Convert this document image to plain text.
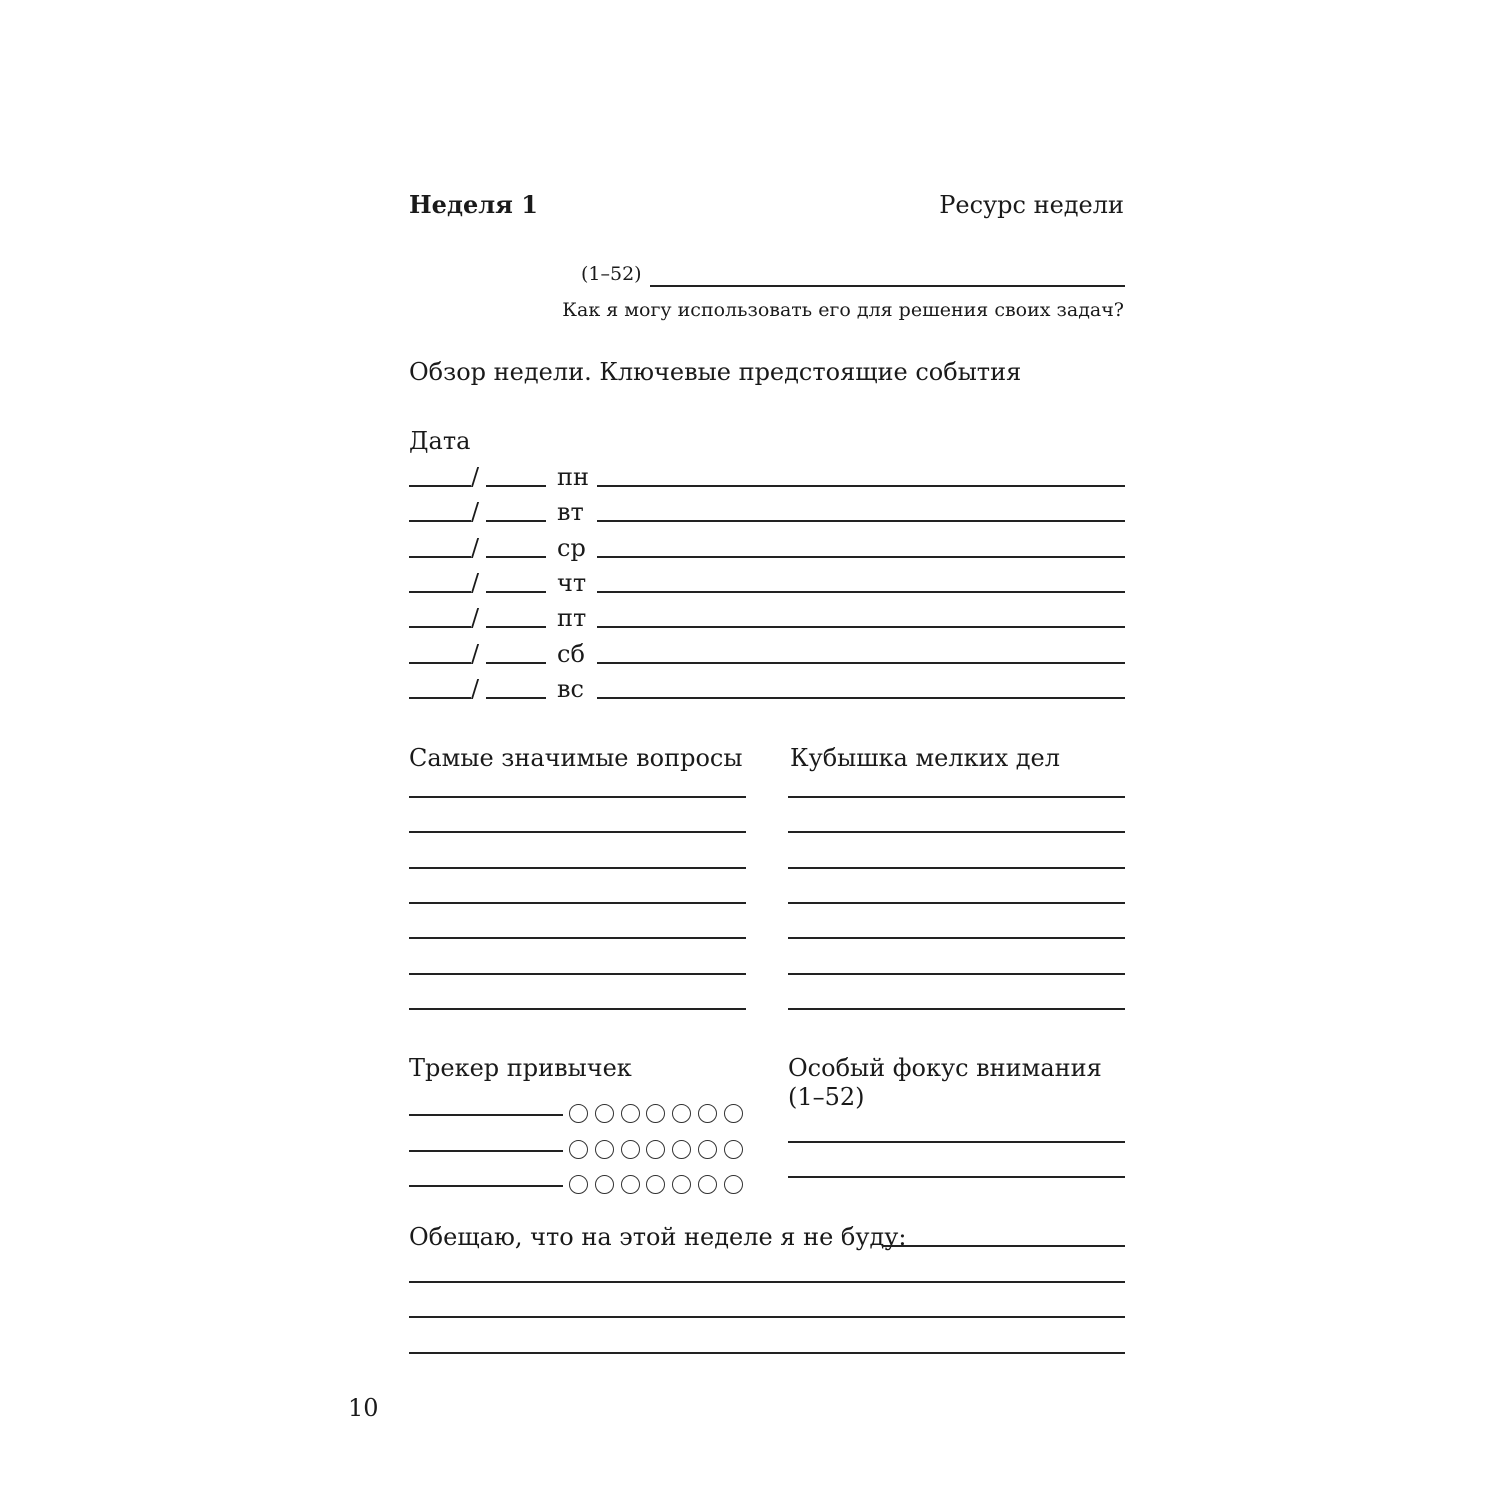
Неделя 1	Ресурс недели
(1–52)
Как я могу использовать его для решения своих задач?
Обзор недели. Ключевые предстоящие события
Дата
/	пн
/	вт
/	ср
/	чт
/	пт
/	сб
/	вс
Самые значимые вопросы Кубышка мелких дел
Трекер привычек	Особый фокус внимания
(1–52)
Обещаю, что на этой неделе я не буду:
10
